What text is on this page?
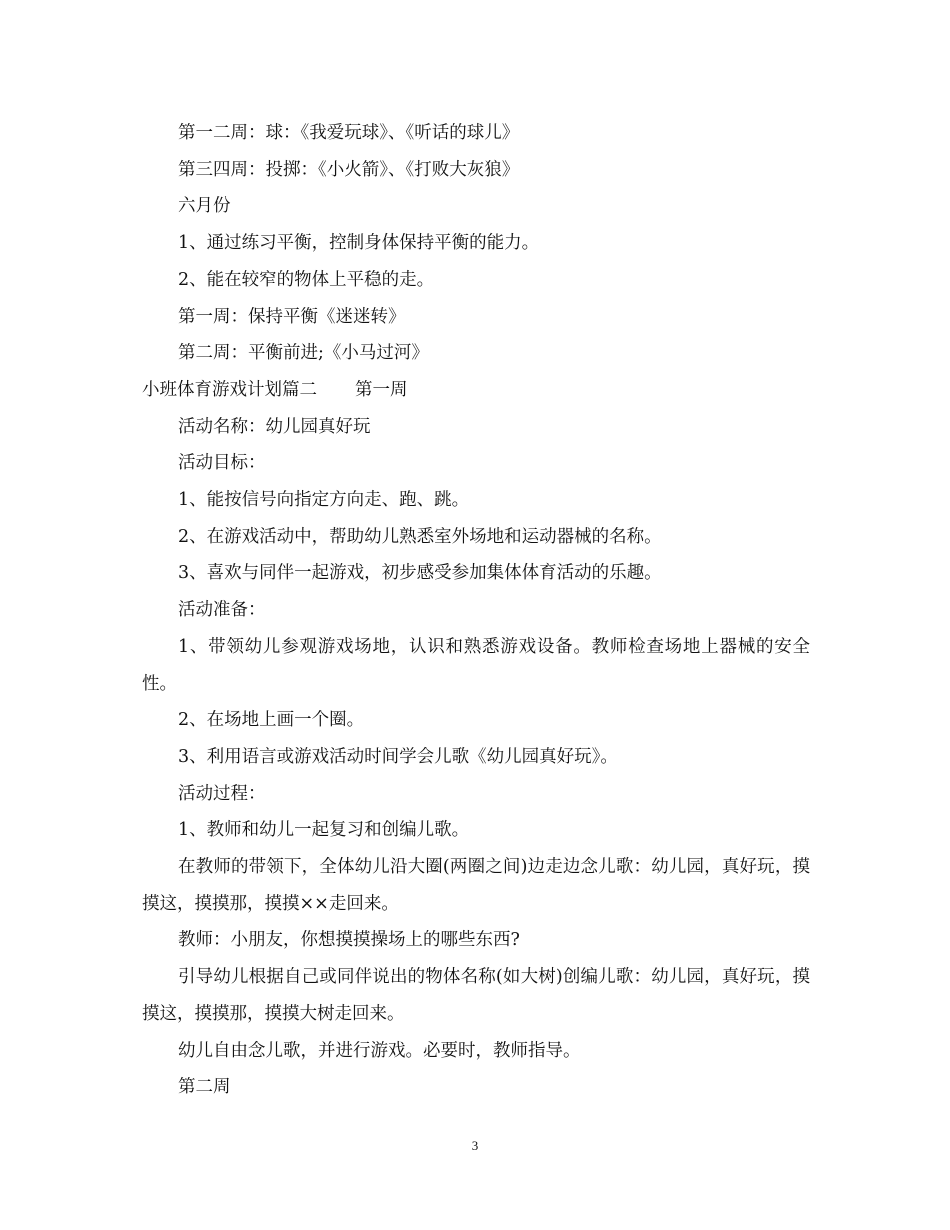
第一二周：球：《我爱玩球》、《听话的球儿》

第三四周：投掷：《小火箭》、《打败大灰狼》

六月份

1、通过练习平衡，控制身体保持平衡的能力。

2、能在较窄的物体上平稳的走。

第一周：保持平衡《迷迷转》

第二周：平衡前进;《小马过河》

小班体育游戏计划篇二 第一周

活动名称：幼儿园真好玩

活动目标：

1、能按信号向指定方向走、跑、跳。

2、在游戏活动中，帮助幼儿熟悉室外场地和运动器械的名称。

3、喜欢与同伴一起游戏，初步感受参加集体体育活动的乐趣。

活动准备：

1、带领幼儿参观游戏场地，认识和熟悉游戏设备。教师检查场地上器械的安全性。

2、在场地上画一个圈。

3、利用语言或游戏活动时间学会儿歌《幼儿园真好玩》。

活动过程：

1、教师和幼儿一起复习和创编儿歌。

在教师的带领下，全体幼儿沿大圈(两圈之间)边走边念儿歌：幼儿园，真好玩，摸摸这，摸摸那，摸摸××走回来。

教师：小朋友，你想摸摸操场上的哪些东西?

引导幼儿根据自己或同伴说出的物体名称(如大树)创编儿歌：幼儿园，真好玩，摸摸这，摸摸那，摸摸大树走回来。

幼儿自由念儿歌，并进行游戏。必要时，教师指导。

第二周

3
